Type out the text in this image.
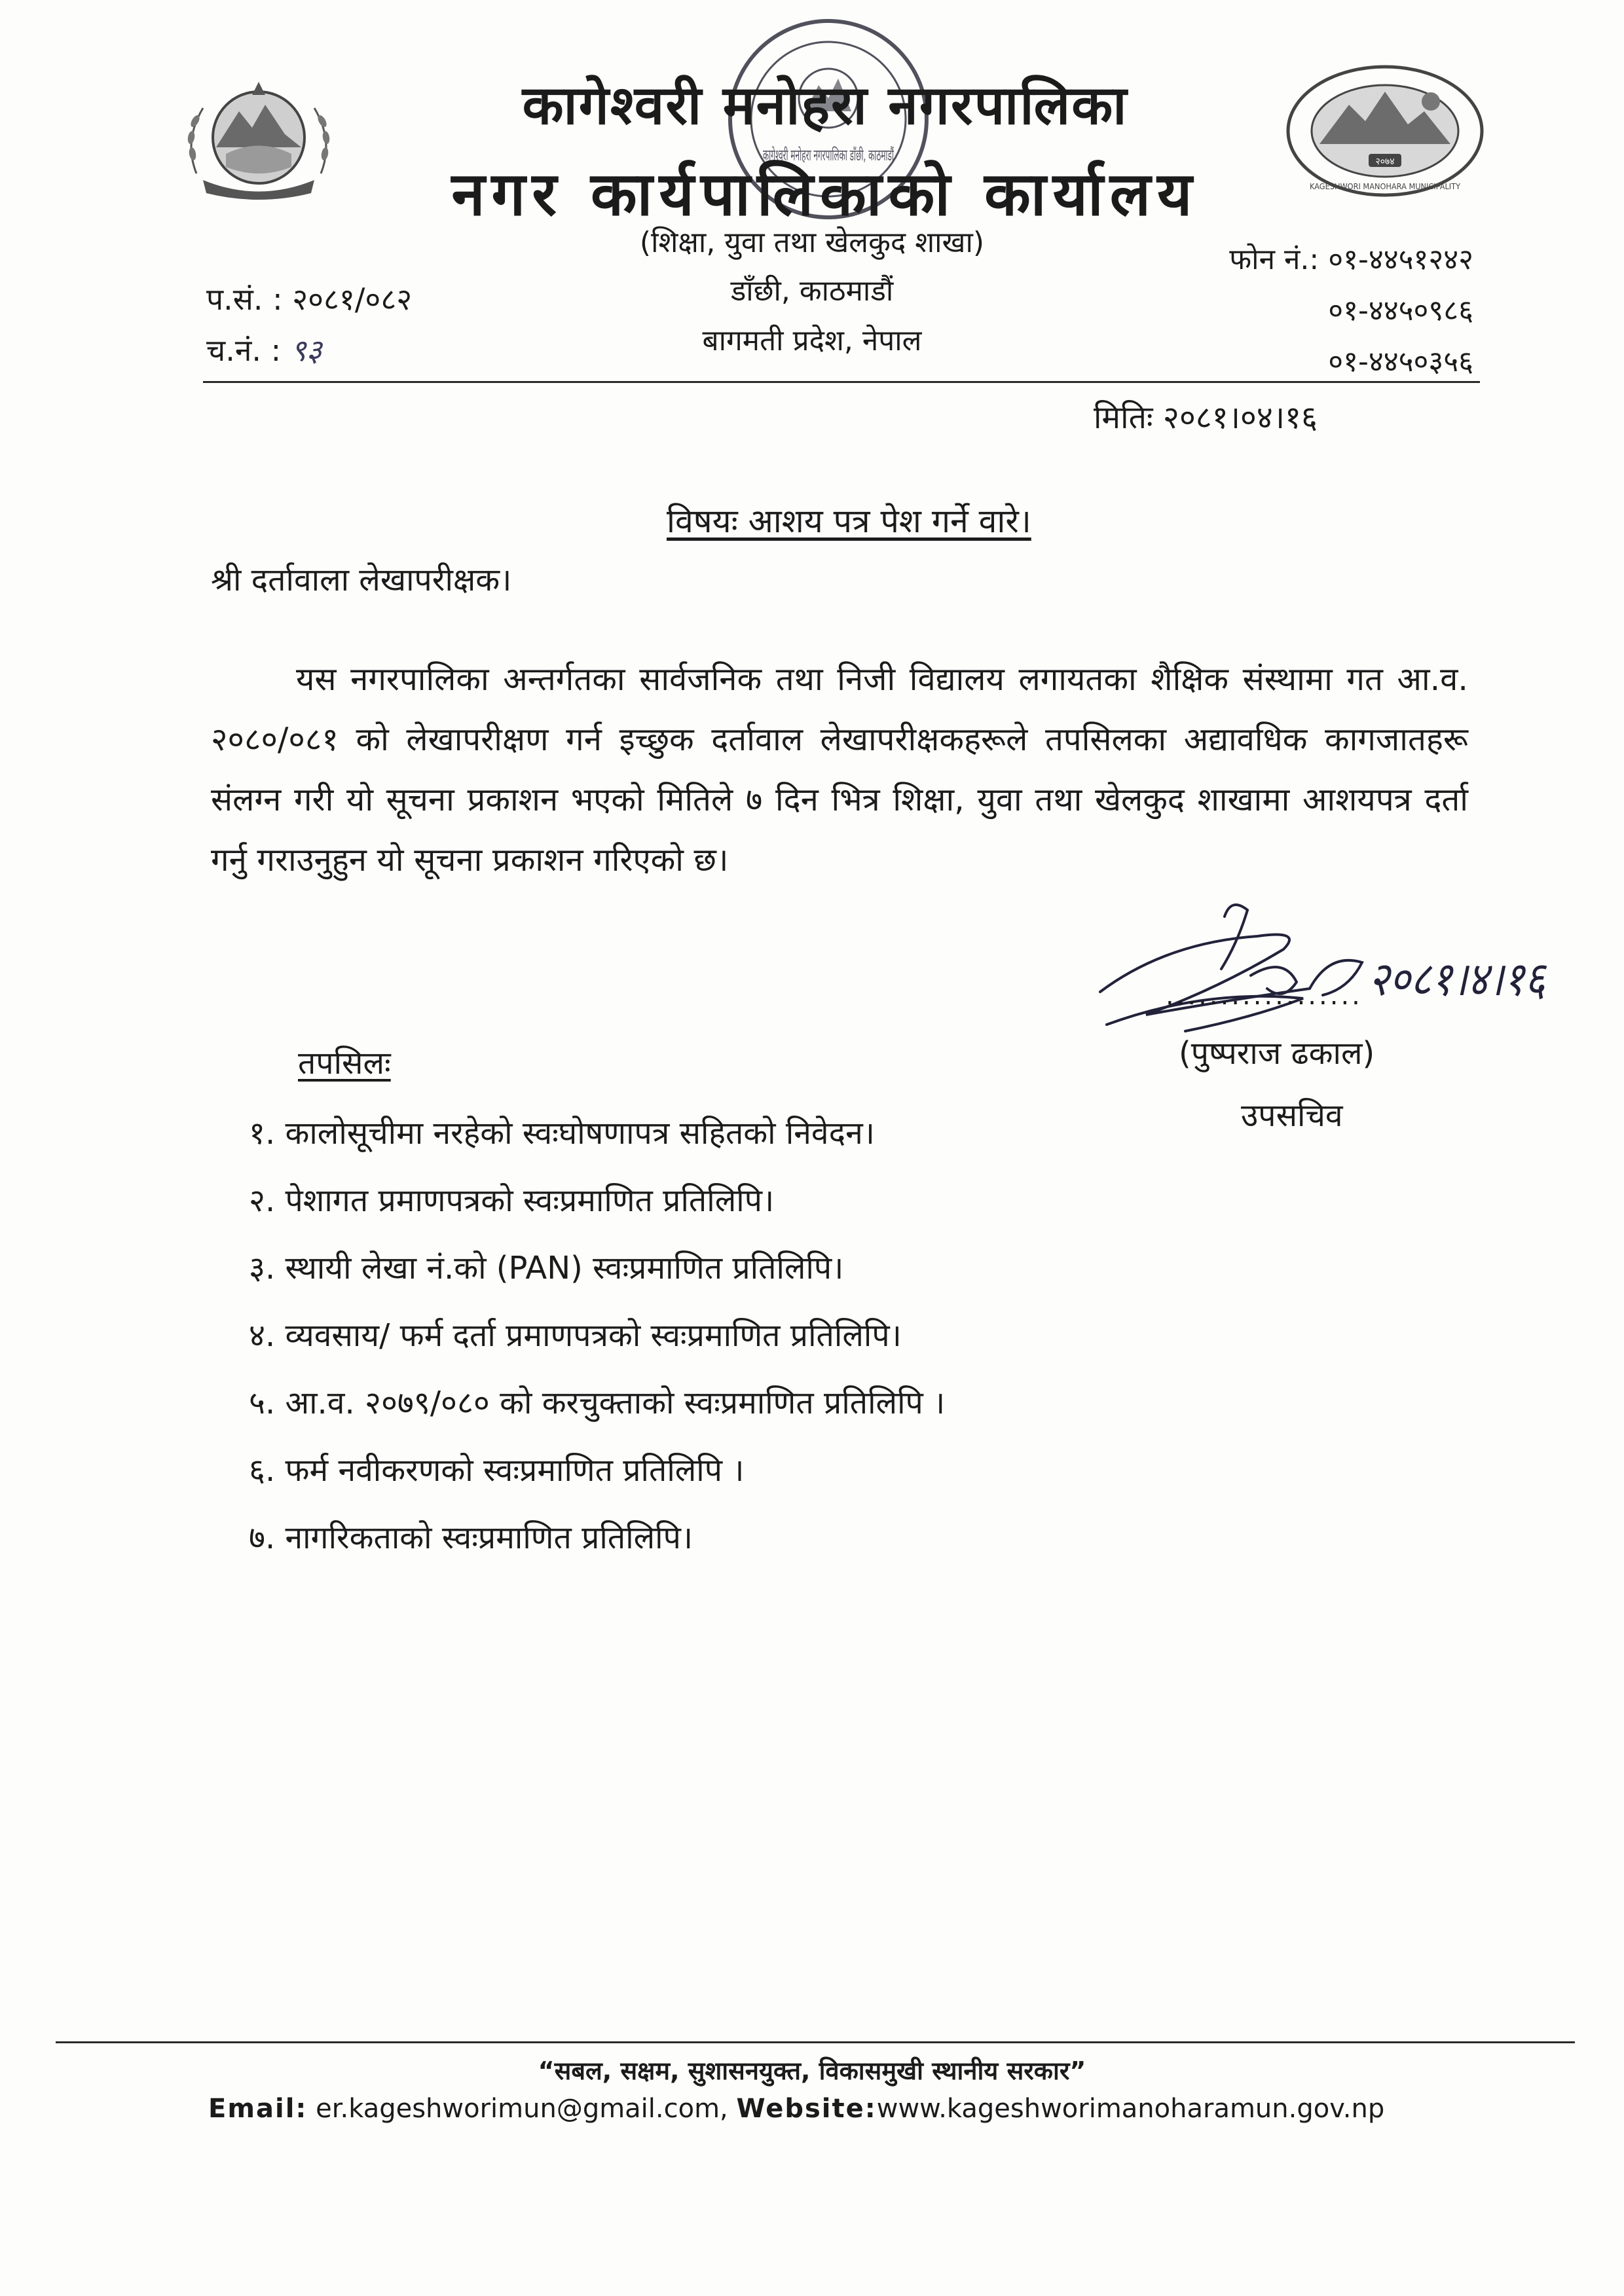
कागेश्वरी मनोहरा नगरपालिका डाँछी, काठमाडौं	२०७४
KAGESHWORI MANOHARA MUNICIPALITY
कागेश्वरी मनोहरा नगरपालिका
नगर कार्यपालिकाको कार्यालय
(शिक्षा, युवा तथा खेलकुद शाखा)
डाँछी, काठमाडौं
बागमती प्रदेश, नेपाल
प.सं. : २०८१/०८२
च.नं. : ९३
फोन नं.: ०१-४४५१२४२
०१-४४५०९८६
०१-४४५०३५६
मितिः २०८१।०४।१६
विषयः आशय पत्र पेश गर्ने वारे।
श्री दर्तावाला लेखापरीक्षक।
यस नगरपालिका अन्तर्गतका सार्वजनिक तथा निजी विद्यालय लगायतका शैक्षिक संस्थामा गत आ.व. २०८०/०८१ को लेखापरीक्षण गर्न इच्छुक दर्तावाल लेखापरीक्षकहरूले तपसिलका अद्यावधिक कागजातहरू संलग्न गरी यो सूचना प्रकाशन भएको मितिले ७ दिन भित्र शिक्षा, युवा तथा खेलकुद शाखामा आशयपत्र दर्ता गर्नु गराउनुहुन यो सूचना प्रकाशन गरिएको छ।
२०८१।४।१६
..................
(पुष्पराज ढकाल)
उपसचिव
तपसिलः
१. कालोसूचीमा नरहेको स्वःघोषणापत्र सहितको निवेदन।
२. पेशागत प्रमाणपत्रको स्वःप्रमाणित प्रतिलिपि।
३. स्थायी लेखा नं.को (PAN) स्वःप्रमाणित प्रतिलिपि।
४. व्यवसाय/ फर्म दर्ता प्रमाणपत्रको स्वःप्रमाणित प्रतिलिपि।
५. आ.व. २०७९/०८० को करचुक्ताको स्वःप्रमाणित प्रतिलिपि ।
६. फर्म नवीकरणको स्वःप्रमाणित प्रतिलिपि ।
७. नागरिकताको स्वःप्रमाणित प्रतिलिपि।
“सबल, सक्षम, सुशासनयुक्त, विकासमुखी स्थानीय सरकार”
Email: er.kageshworimun@gmail.com, Website:www.kageshworimanoharamun.gov.np
